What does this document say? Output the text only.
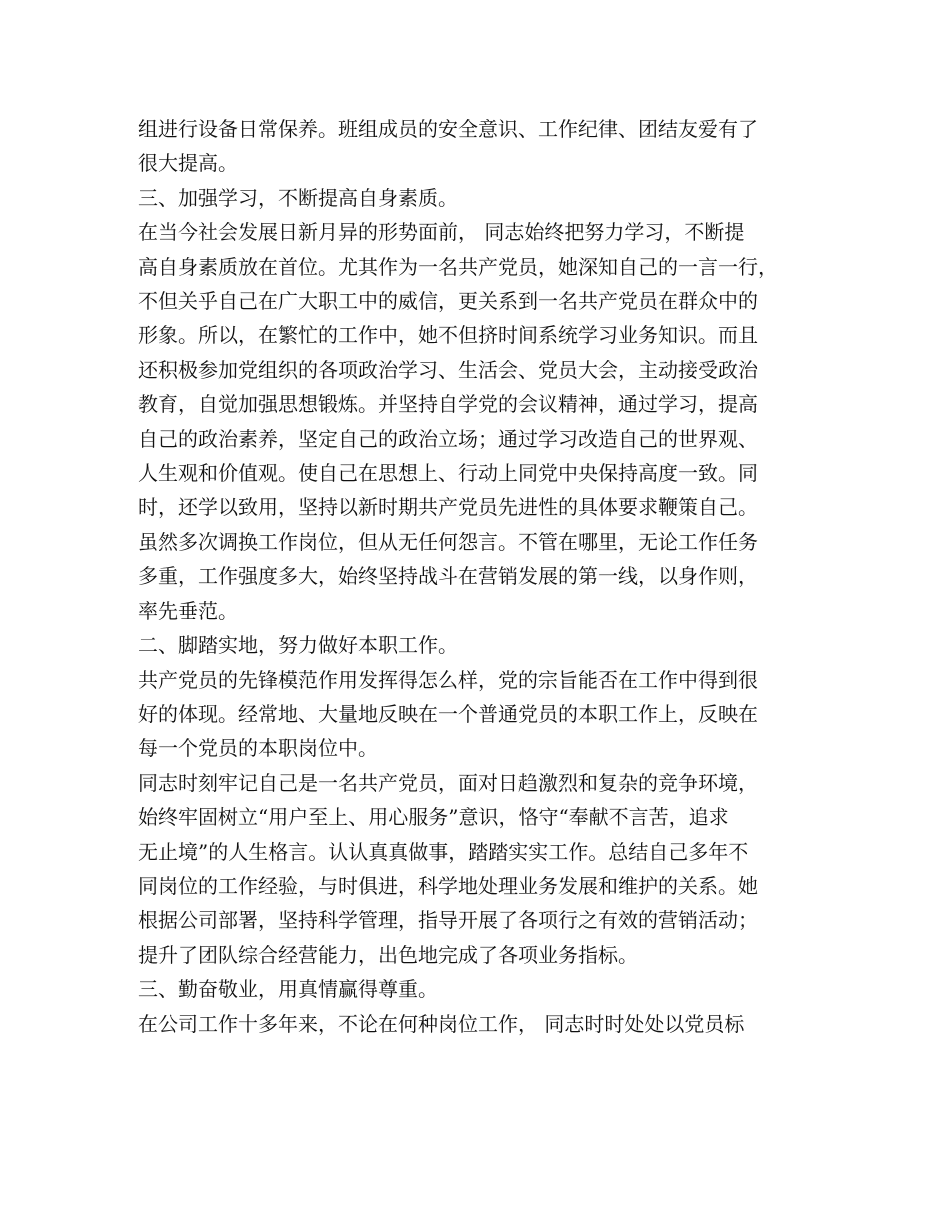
组进行设备日常保养。班组成员的安全意识、工作纪律、团结友爱有了

很大提高。

三、加强学习，不断提高自身素质。

在当今社会发展日新月异的形势面前， 同志始终把努力学习，不断提

高自身素质放在首位。尤其作为一名共产党员，她深知自己的一言一行，

不但关乎自己在广大职工中的威信，更关系到一名共产党员在群众中的

形象。所以，在繁忙的工作中，她不但挤时间系统学习业务知识。而且

还积极参加党组织的各项政治学习、生活会、党员大会，主动接受政治

教育，自觉加强思想锻炼。并坚持自学党的会议精神，通过学习，提高

自己的政治素养，坚定自己的政治立场；通过学习改造自己的世界观、

人生观和价值观。使自己在思想上、行动上同党中央保持高度一致。同

时，还学以致用，坚持以新时期共产党员先进性的具体要求鞭策自己。

虽然多次调换工作岗位，但从无任何怨言。不管在哪里，无论工作任务

多重，工作强度多大，始终坚持战斗在营销发展的第一线，以身作则，

率先垂范。

二、脚踏实地，努力做好本职工作。

共产党员的先锋模范作用发挥得怎么样，党的宗旨能否在工作中得到很

好的体现。经常地、大量地反映在一个普通党员的本职工作上，反映在

每一个党员的本职岗位中。

同志时刻牢记自己是一名共产党员，面对日趋激烈和复杂的竞争环境，

始终牢固树立“用户至上、用心服务”意识，恪守“奉献不言苦，追求

无止境”的人生格言。认认真真做事，踏踏实实工作。总结自己多年不

同岗位的工作经验，与时俱进，科学地处理业务发展和维护的关系。她

根据公司部署，坚持科学管理，指导开展了各项行之有效的营销活动；

提升了团队综合经营能力，出色地完成了各项业务指标。

三、勤奋敬业，用真情赢得尊重。

在公司工作十多年来，不论在何种岗位工作， 同志时时处处以党员标
